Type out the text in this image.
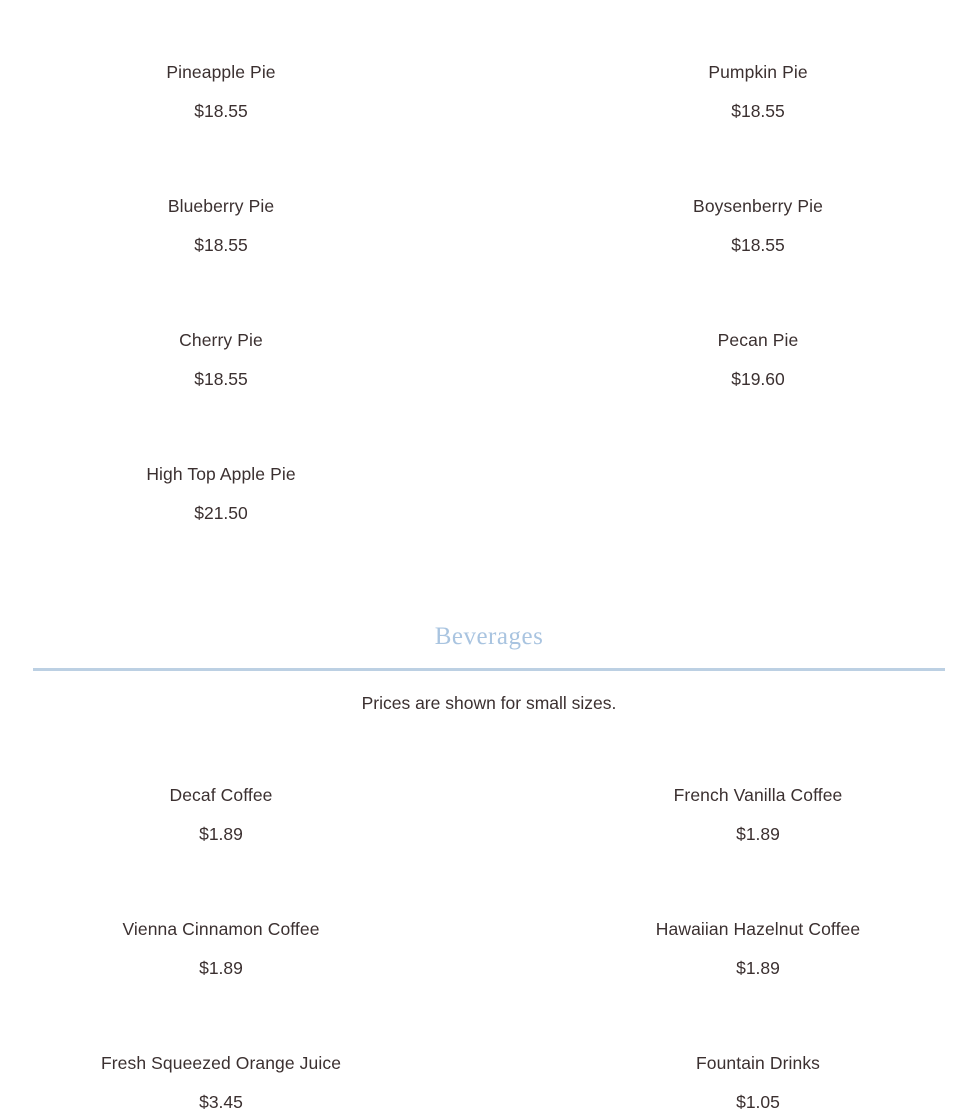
Pineapple Pie
$18.55
Pumpkin Pie
$18.55
Blueberry Pie
$18.55
Boysenberry Pie
$18.55
Cherry Pie
$18.55
Pecan Pie
$19.60
High Top Apple Pie
$21.50
Beverages
Prices are shown for small sizes.
Decaf Coffee
$1.89
French Vanilla Coffee
$1.89
Vienna Cinnamon Coffee
$1.89
Hawaiian Hazelnut Coffee
$1.89
Fresh Squeezed Orange Juice
$3.45
Fountain Drinks
$1.05
